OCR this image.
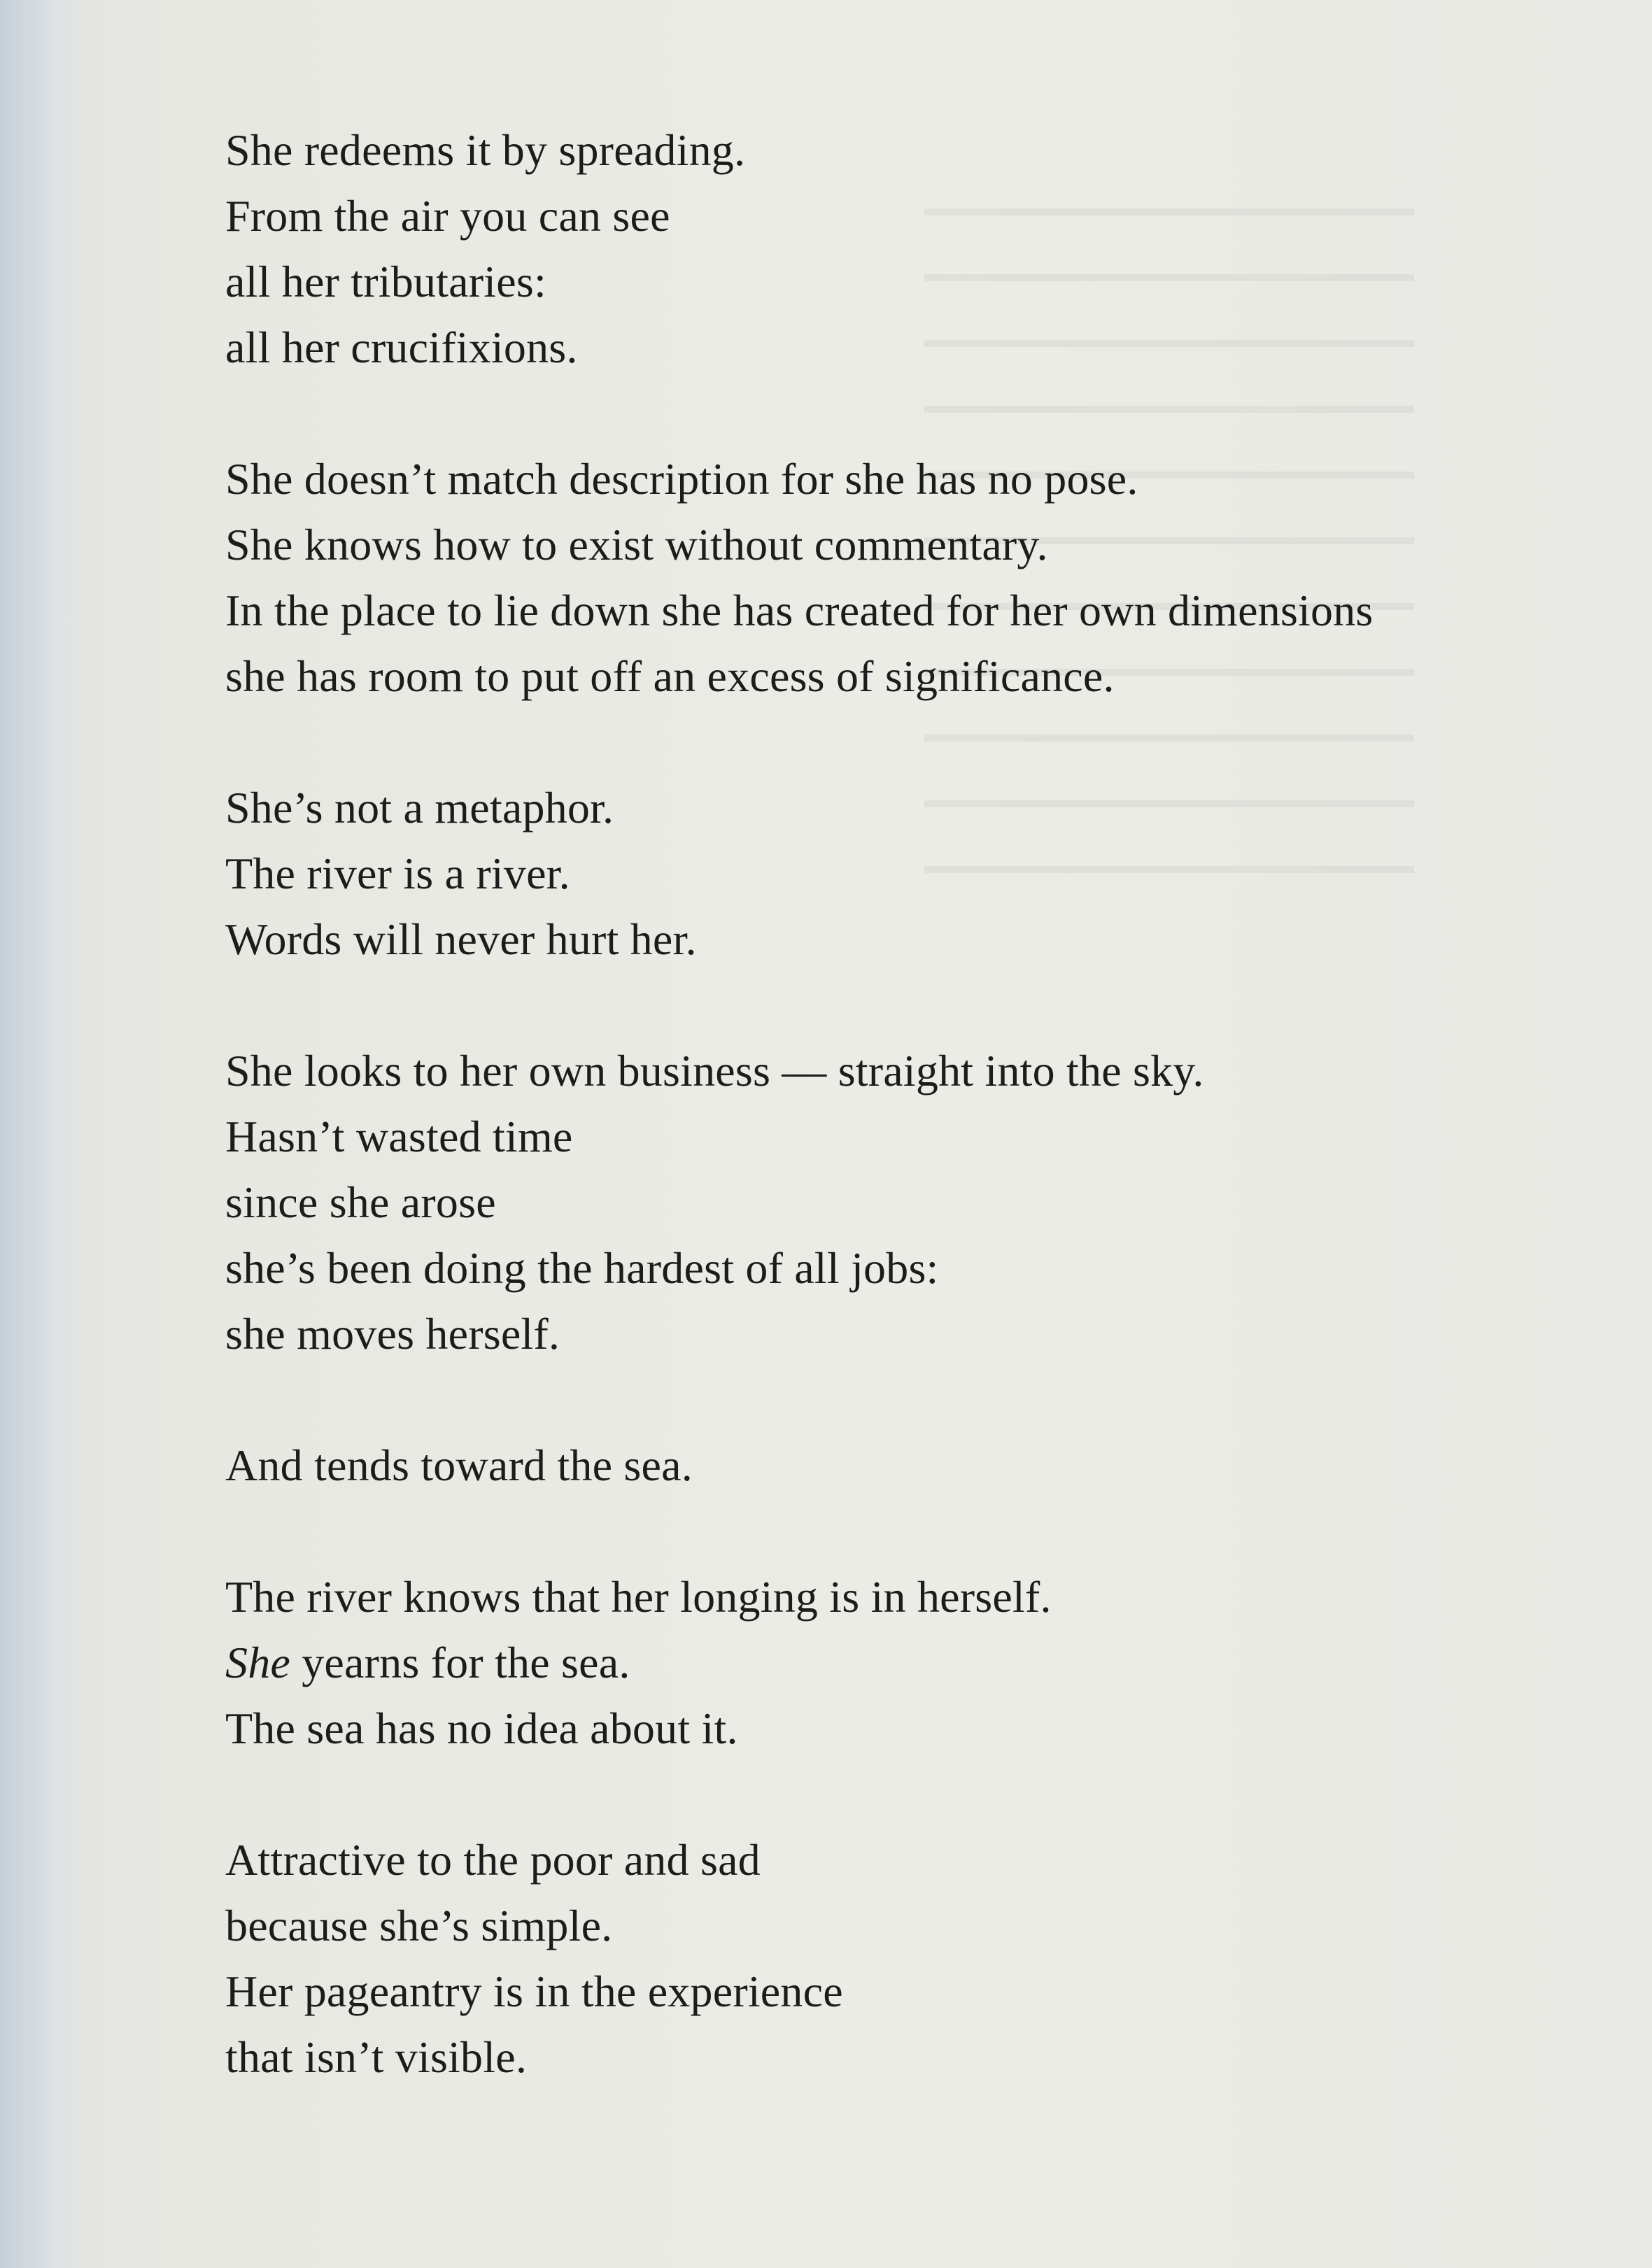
She redeems it by spreading.
From the air you can see
all her tributaries:
all her crucifixions.
She doesn’t match description for she has no pose.
She knows how to exist without commentary.
In the place to lie down she has created for her own dimensions
she has room to put off an excess of significance.
She’s not a metaphor.
The river is a river.
Words will never hurt her.
She looks to her own business — straight into the sky.
Hasn’t wasted time
since she arose
she’s been doing the hardest of all jobs:
she moves herself.
And tends toward the sea.
The river knows that her longing is in herself.
She yearns for the sea.
The sea has no idea about it.
Attractive to the poor and sad
because she’s simple.
Her pageantry is in the experience
that isn’t visible.
